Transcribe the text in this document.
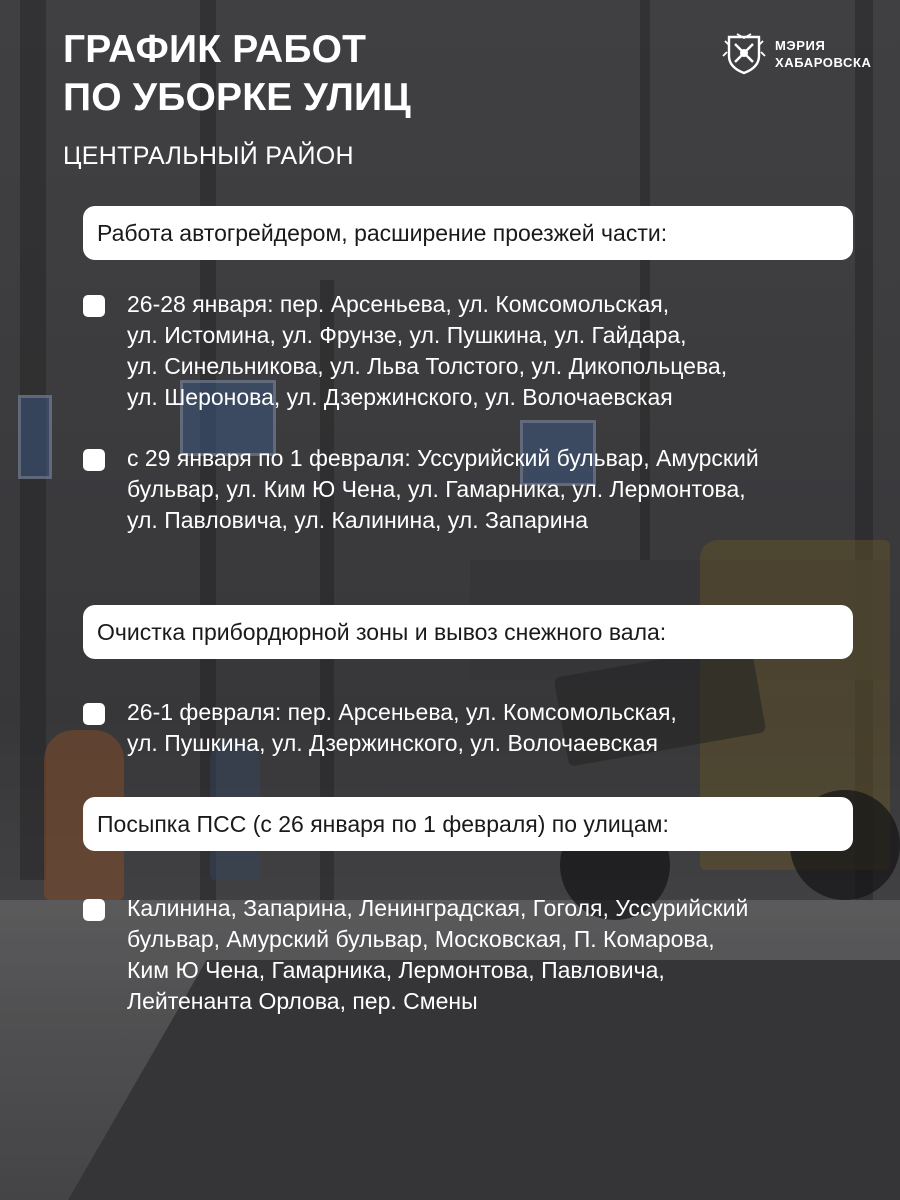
ГРАФИК РАБОТ
ПО УБОРКЕ УЛИЦ
ЦЕНТРАЛЬНЫЙ РАЙОН
МЭРИЯ
ХАБАРОВСКА
Работа автогрейдером, расширение проезжей части:
26-28 января: пер. Арсеньева, ул. Комсомольская,
ул. Истомина, ул. Фрунзе, ул. Пушкина, ул. Гайдара,
ул. Синельникова, ул. Льва Толстого, ул. Дикопольцева,
ул. Шеронова, ул. Дзержинского, ул. Волочаевская
с 29 января по 1 февраля: Уссурийский бульвар, Амурский
бульвар, ул. Ким Ю Чена, ул. Гамарника, ул. Лермонтова,
ул. Павловича, ул. Калинина, ул. Запарина
Очистка прибордюрной зоны и вывоз снежного вала:
26-1 февраля: пер. Арсеньева, ул. Комсомольская,
ул. Пушкина, ул. Дзержинского, ул. Волочаевская
Посыпка ПСС (с 26 января по 1 февраля) по улицам:
Калинина, Запарина, Ленинградская, Гоголя, Уссурийский
бульвар, Амурский бульвар, Московская, П. Комарова,
Ким Ю Чена, Гамарника, Лермонтова, Павловича,
Лейтенанта Орлова, пер. Смены
